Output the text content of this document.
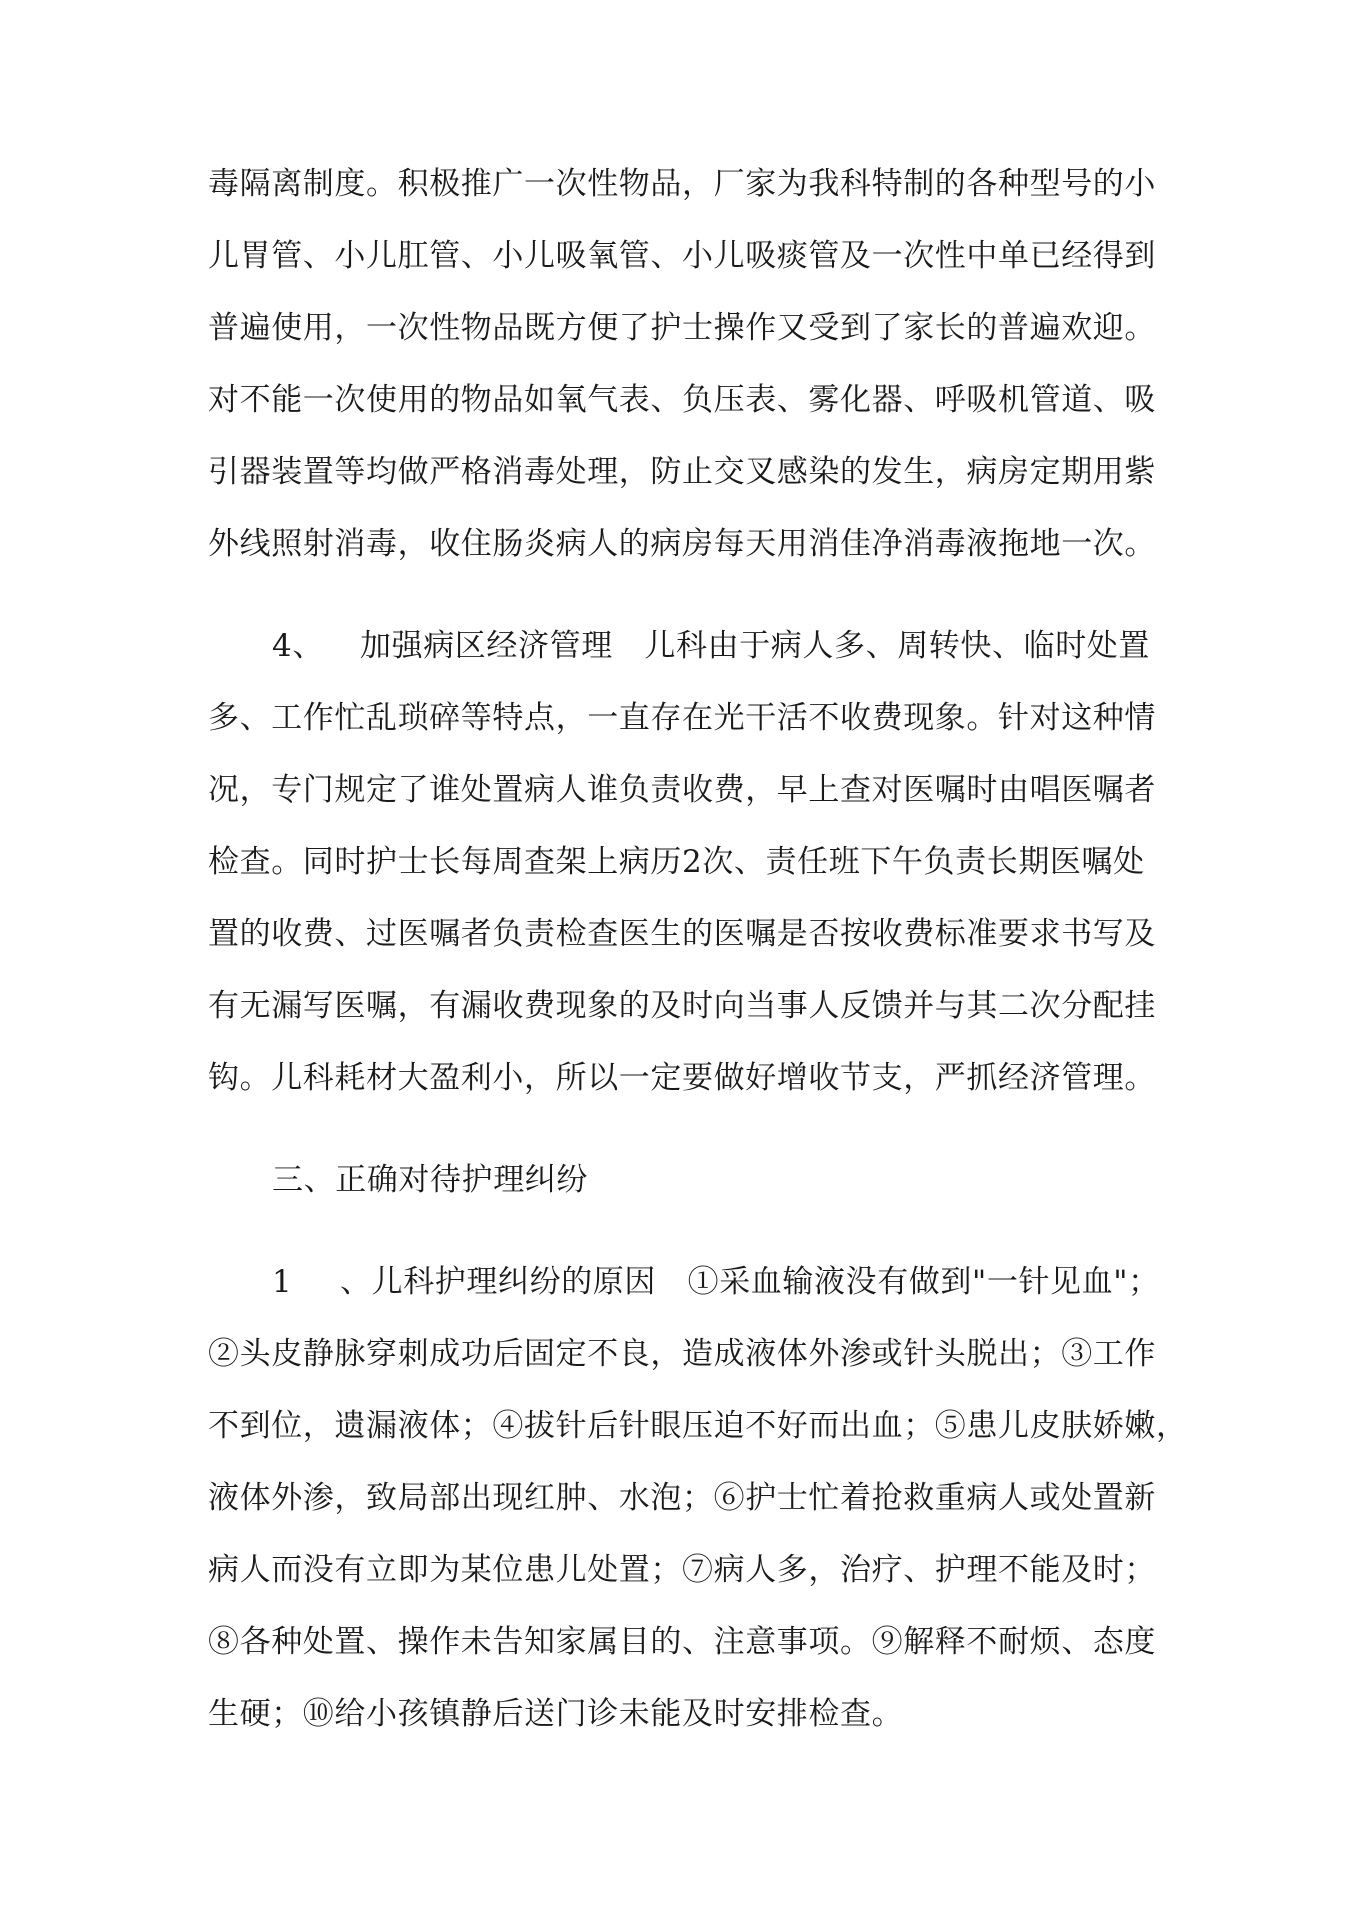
毒隔离制度。积极推广一次性物品，厂家为我科特制的各种型号的小
儿胃管、小儿肛管、小儿吸氧管、小儿吸痰管及一次性中单已经得到
普遍使用，一次性物品既方便了护士操作又受到了家长的普遍欢迎。
对不能一次使用的物品如氧气表、负压表、雾化器、呼吸机管道、吸
引器装置等均做严格消毒处理，防止交叉感染的发生，病房定期用紫
外线照射消毒，收住肠炎病人的病房每天用消佳净消毒液拖地一次。
4、 加强病区经济管理　儿科由于病人多、周转快、临时处置
多、工作忙乱琐碎等特点，一直存在光干活不收费现象。针对这种情
况，专门规定了谁处置病人谁负责收费，早上查对医嘱时由唱医嘱者
检查。同时护士长每周查架上病历2次、责任班下午负责长期医嘱处
置的收费、过医嘱者负责检查医生的医嘱是否按收费标准要求书写及
有无漏写医嘱，有漏收费现象的及时向当事人反馈并与其二次分配挂
钩。儿科耗材大盈利小，所以一定要做好增收节支，严抓经济管理。
三、正确对待护理纠纷
1 、儿科护理纠纷的原因　①采血输液没有做到"一针见血"；
②头皮静脉穿刺成功后固定不良，造成液体外渗或针头脱出；③工作
不到位，遗漏液体；④拔针后针眼压迫不好而出血；⑤患儿皮肤娇嫩，
液体外渗，致局部出现红肿、水泡；⑥护士忙着抢救重病人或处置新
病人而没有立即为某位患儿处置；⑦病人多，治疗、护理不能及时；
⑧各种处置、操作未告知家属目的、注意事项。⑨解释不耐烦、态度
生硬；⑩给小孩镇静后送门诊未能及时安排检查。
